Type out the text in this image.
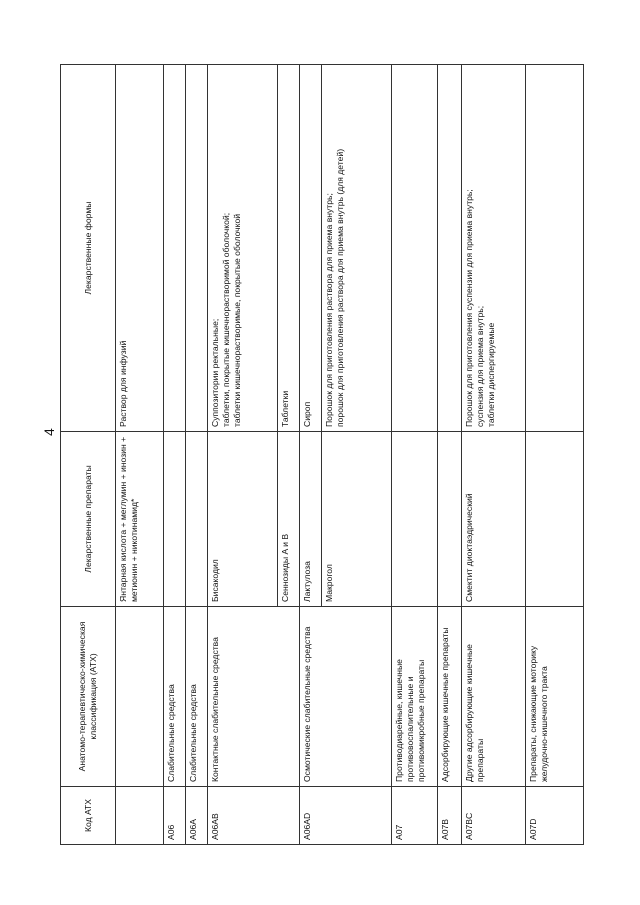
4
Код АТХ	Анатомо-терапевтическо-химическая классификация (АТХ)	Лекарственные препараты	Лекарственные формы
		Янтарная кислота + меглумин + инозин + метионин + никотинамид*	Раствор для инфузий

A06	Слабительные средства		
A06A	Слабительные средства		
A06AB	Контактные слабительные средства	Бисакодил	Суппозитории ректальные; таблетки, покрытые кишечнорастворимой оболочкой; таблетки кишечнорастворимые, покрытые оболочкой

		Сеннозиды A и B	Таблетки

A06AD	Осмотические слабительные средства	Лактулоза	Сироп

		Макрогол	Порошок для приготовления раствора для приема внутрь; порошок для приготовления раствора для приема внутрь (для детей)

A07	Противодиарейные, кишечные противовоспалительные и противомикробные препараты		
A07B	Адсорбирующие кишечные препараты		
A07BC	Другие адсорбирующие кишечные препараты	Смектит диоктаэдрический	Порошок для приготовления суспензии для приема внутрь; суспензия для приема внутрь; таблетки диспергируемые

A07D	Препараты, снижающие моторику желудочно-кишечного тракта		
